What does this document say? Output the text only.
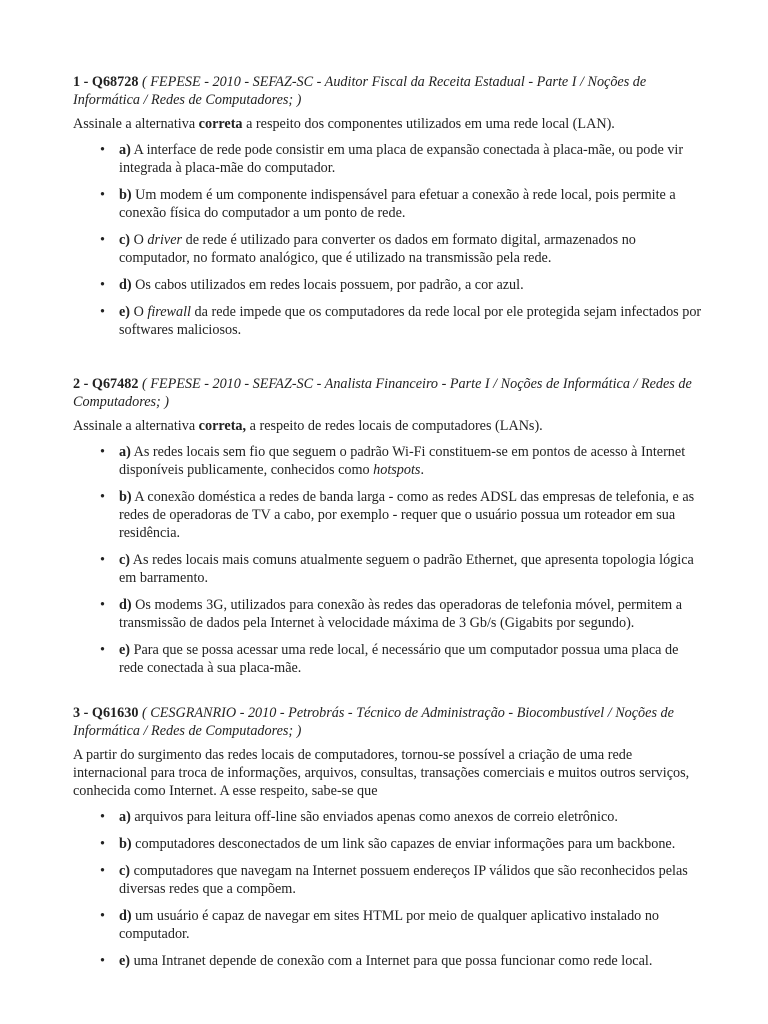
1 - Q68728 ( FEPESE - 2010 - SEFAZ-SC - Auditor Fiscal da Receita Estadual - Parte I / Noções de Informática / Redes de Computadores; )

Assinale a alternativa correta a respeito dos componentes utilizados em uma rede local (LAN).

• a) A interface de rede pode consistir em uma placa de expansão conectada à placa-mãe, ou pode vir integrada à placa-mãe do computador.
• b) Um modem é um componente indispensável para efetuar a conexão à rede local, pois permite a conexão física do computador a um ponto de rede.
• c) O driver de rede é utilizado para converter os dados em formato digital, armazenados no computador, no formato analógico, que é utilizado na transmissão pela rede.
• d) Os cabos utilizados em redes locais possuem, por padrão, a cor azul.
• e) O firewall da rede impede que os computadores da rede local por ele protegida sejam infectados por softwares maliciosos.

2 - Q67482 ( FEPESE - 2010 - SEFAZ-SC - Analista Financeiro - Parte I / Noções de Informática / Redes de Computadores; )

Assinale a alternativa correta, a respeito de redes locais de computadores (LANs).

• a) As redes locais sem fio que seguem o padrão Wi-Fi constituem-se em pontos de acesso à Internet disponíveis publicamente, conhecidos como hotspots.
• b) A conexão doméstica a redes de banda larga - como as redes ADSL das empresas de telefonia, e as redes de operadoras de TV a cabo, por exemplo - requer que o usuário possua um roteador em sua residência.
• c) As redes locais mais comuns atualmente seguem o padrão Ethernet, que apresenta topologia lógica em barramento.
• d) Os modems 3G, utilizados para conexão às redes das operadoras de telefonia móvel, permitem a transmissão de dados pela Internet à velocidade máxima de 3 Gb/s (Gigabits por segundo).
• e) Para que se possa acessar uma rede local, é necessário que um computador possua uma placa de rede conectada à sua placa-mãe.

3 - Q61630 ( CESGRANRIO - 2010 - Petrobrás - Técnico de Administração - Biocombustível / Noções de Informática / Redes de Computadores; )

A partir do surgimento das redes locais de computadores, tornou-se possível a criação de uma rede internacional para troca de informações, arquivos, consultas, transações comerciais e muitos outros serviços, conhecida como Internet. A esse respeito, sabe-se que

• a) arquivos para leitura off-line são enviados apenas como anexos de correio eletrônico.
• b) computadores desconectados de um link são capazes de enviar informações para um backbone.
• c) computadores que navegam na Internet possuem endereços IP válidos que são reconhecidos pelas diversas redes que a compõem.
• d) um usuário é capaz de navegar em sites HTML por meio de qualquer aplicativo instalado no computador.
• e) uma Intranet depende de conexão com a Internet para que possa funcionar como rede local.
